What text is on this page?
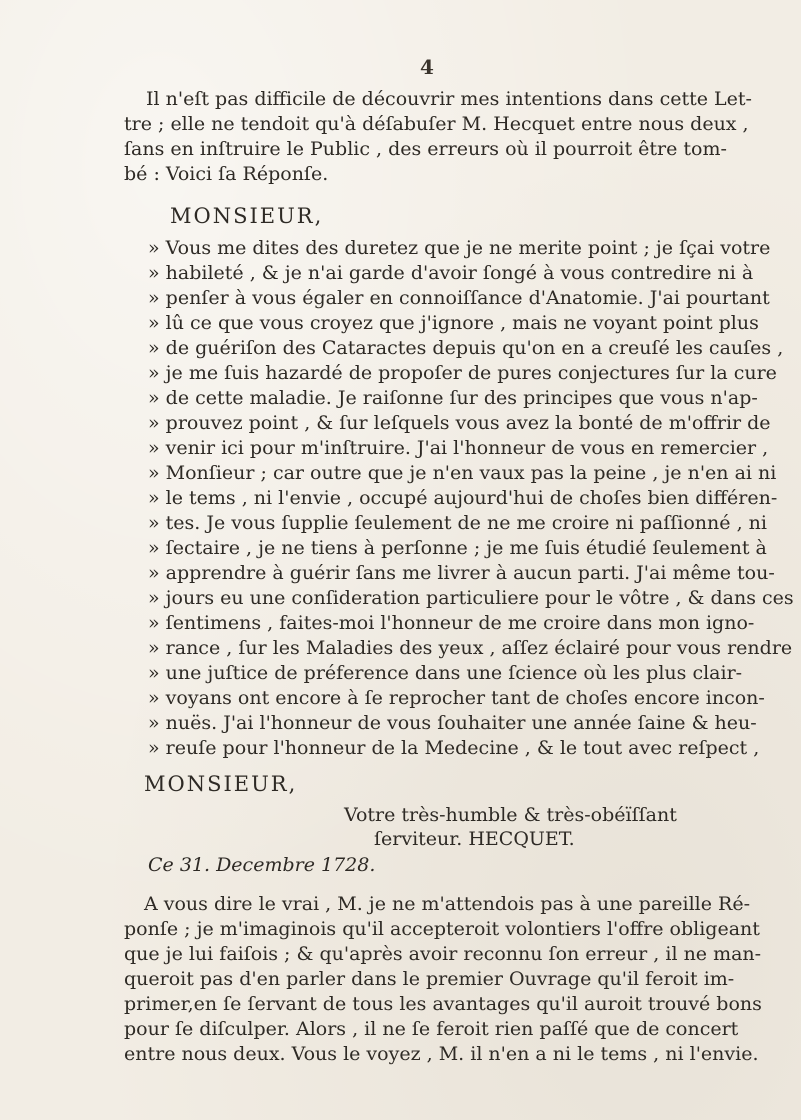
4
Il n'eſt pas difficile de découvrir mes intentions dans cette Let-
tre ; elle ne tendoit qu'à déſabuſer M. Hecquet entre nous deux ,
ſans en inſtruire le Public , des erreurs où il pourroit être tom-
bé : Voici ſa Réponſe.
MONSIEUR,
» Vous me dites des duretez que je ne merite point ; je ſçai votre
» habileté , & je n'ai garde d'avoir ſongé à vous contredire ni à
» penſer à vous égaler en connoiſſance d'Anatomie. J'ai pourtant
» lû ce que vous croyez que j'ignore , mais ne voyant point plus
» de guériſon des Cataractes depuis qu'on en a creuſé les cauſes ,
» je me ſuis hazardé de propoſer de pures conjectures ſur la cure
» de cette maladie. Je raiſonne ſur des principes que vous n'ap-
» prouvez point , & ſur leſquels vous avez la bonté de m'offrir de
» venir ici pour m'inſtruire. J'ai l'honneur de vous en remercier ,
» Monſieur ; car outre que je n'en vaux pas la peine , je n'en ai ni
» le tems , ni l'envie , occupé aujourd'hui de choſes bien différen-
» tes. Je vous ſupplie ſeulement de ne me croire ni paſſionné , ni
» ſectaire , je ne tiens à perſonne ; je me ſuis étudié ſeulement à
» apprendre à guérir ſans me livrer à aucun parti. J'ai même tou-
» jours eu une conſideration particuliere pour le vôtre , & dans ces
» ſentimens , faites-moi l'honneur de me croire dans mon igno-
» rance , ſur les Maladies des yeux , aſſez éclairé pour vous rendre
» une juſtice de préference dans une ſcience où les plus clair-
» voyans ont encore à ſe reprocher tant de choſes encore incon-
» nuës. J'ai l'honneur de vous ſouhaiter une année ſaine & heu-
» reuſe pour l'honneur de la Medecine , & le tout avec reſpect ,
MONSIEUR,
Votre très-humble & très-obéïſſant
ſerviteur. HECQUET.
Ce 31. Decembre 1728.
A vous dire le vrai , M. je ne m'attendois pas à une pareille Ré-
ponſe ; je m'imaginois qu'il accepteroit volontiers l'offre obligeant
que je lui faiſois ; & qu'après avoir reconnu ſon erreur , il ne man-
queroit pas d'en parler dans le premier Ouvrage qu'il feroit im-
primer,en ſe ſervant de tous les avantages qu'il auroit trouvé bons
pour ſe diſculper. Alors , il ne ſe feroit rien paſſé que de concert
entre nous deux. Vous le voyez , M. il n'en a ni le tems , ni l'envie.
